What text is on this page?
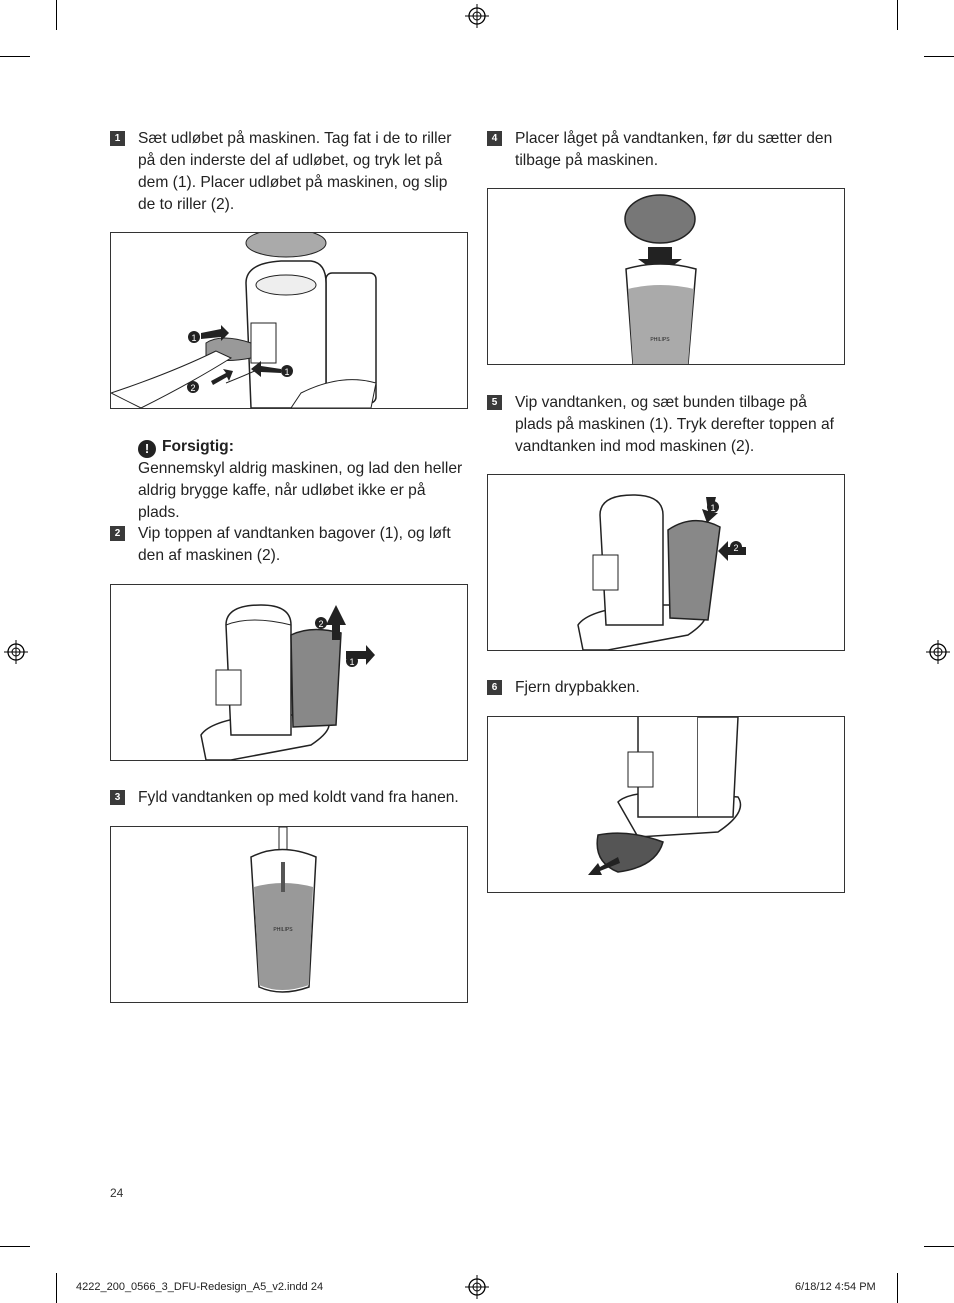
1	Sæt udløbet på maskinen. Tag fat i de to riller på den inderste del af udløbet, og tryk let på dem (1). Placer udløbet på maskinen, og slip de to riller (2).
1
2
1
! Forsigtig:
Gennemskyl aldrig maskinen, og lad den heller aldrig brygge kaffe, når udløbet ikke er på plads.
2	Vip toppen af vandtanken bagover (1), og løft den af maskinen (2).
2
1
3	Fyld vandtanken op med koldt vand fra hanen.
PHILIPS
4	Placer låget på vandtanken, før du sætter den tilbage på maskinen.
PHILIPS
5	Vip vandtanken, og sæt bunden tilbage på plads på maskinen (1). Tryk derefter toppen af vandtanken ind mod maskinen (2).
1
2
6	Fjern drypbakken.
24
4222_200_0566_3_DFU-Redesign_A5_v2.indd 24	6/18/12 4:54 PM
